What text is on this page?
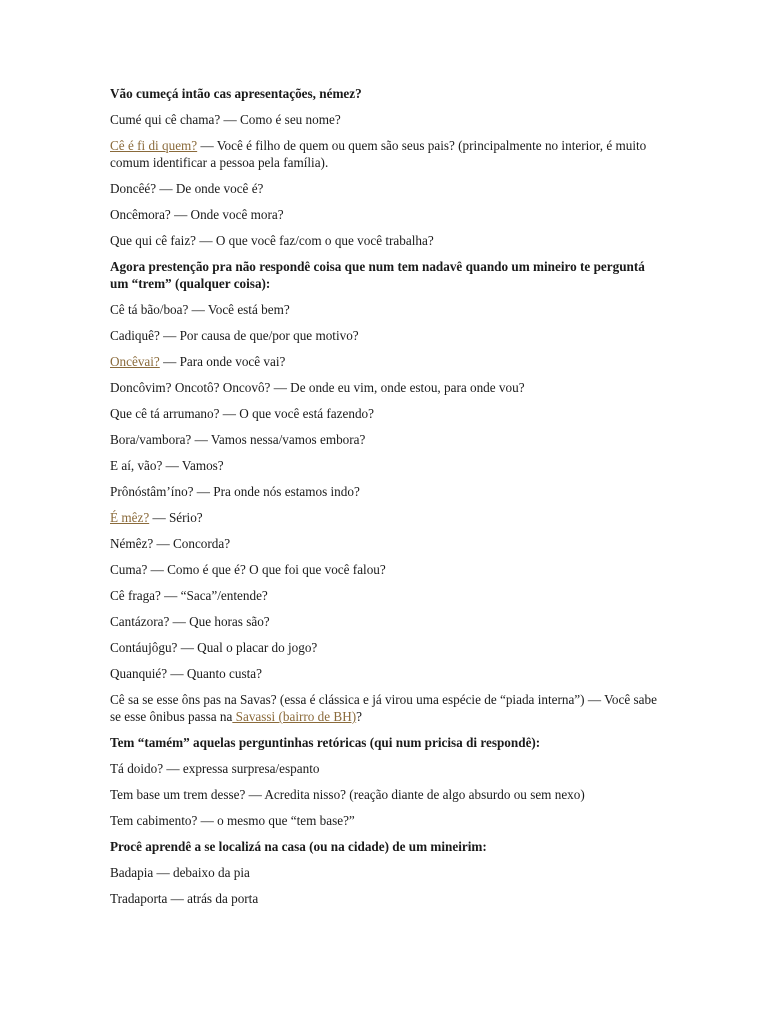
Vão cumeçá intão cas apresentações, némez?

Cumé qui cê chama? — Como é seu nome?

Cê é fi di quem? — Você é filho de quem ou quem são seus pais? (principalmente no interior, é muito comum identificar a pessoa pela família).

Doncêé? — De onde você é?

Oncêmora? — Onde você mora?

Que qui cê faiz? — O que você faz/com o que você trabalha?

Agora prestenção pra não respondê coisa que num tem nadavê quando um mineiro te perguntá um “trem” (qualquer coisa):

Cê tá bão/boa? — Você está bem?

Cadiquê? — Por causa de que/por que motivo?

Oncêvai? — Para onde você vai?

Doncôvim? Oncotô? Oncovô? — De onde eu vim, onde estou, para onde vou?

Que cê tá arrumano? — O que você está fazendo?

Bora/vambora? — Vamos nessa/vamos embora?

E aí, vão? — Vamos?

Prônóstâm’íno? — Pra onde nós estamos indo?

É mêz? — Sério?

Némêz? — Concorda?

Cuma? — Como é que é? O que foi que você falou?

Cê fraga? — “Saca”/entende?

Cantázora? — Que horas são?

Contáujôgu? — Qual o placar do jogo?

Quanquié? — Quanto custa?

Cê sa se esse ôns pas na Savas? (essa é clássica e já virou uma espécie de “piada interna”) — Você sabe se esse ônibus passa na Savassi (bairro de BH)?

Tem “tamém” aquelas perguntinhas retóricas (qui num pricisa di respondê):

Tá doido? — expressa surpresa/espanto

Tem base um trem desse? — Acredita nisso? (reação diante de algo absurdo ou sem nexo)

Tem cabimento? — o mesmo que “tem base?”

Procê aprendê a se localizá na casa (ou na cidade) de um mineirim:

Badapia — debaixo da pia

Tradaporta — atrás da porta
